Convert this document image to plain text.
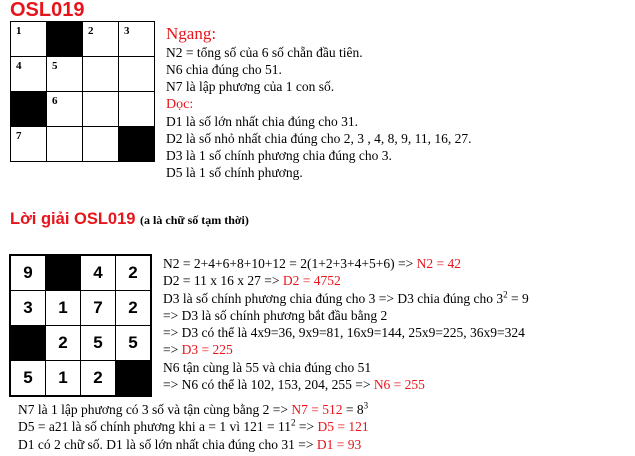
OSL019
1		2	3

4	5		

	6		

7			

Ngang:
N2 = tổng số của 6 số chẵn đầu tiên.
N6 chia đúng cho 51.
N7 là lập phương của 1 con số.
Dọc:
D1 là số lớn nhất chia đúng cho 31.
D2 là số nhỏ nhất chia đúng cho 2, 3 , 4, 8, 9, 11, 16, 27.
D3 là 1 số chính phương chia đúng cho 3.
D5 là 1 số chính phương.
Lời giải OSL019 (a là chữ số tạm thời)
9		4	2
3	1	7	2
	2	5	5
5	1	2	
N2 = 2+4+6+8+10+12 = 2(1+2+3+4+5+6) => N2 = 42
D2 = 11 x 16 x 27 => D2 = 4752
D3 là số chính phương chia đúng cho 3 => D3 chia đúng cho $3^2 = 9$
=> D3 là số chính phương bắt đầu bằng 2
=> D3 có thể là 4x9=36, 9x9=81, 16x9=144, 25x9=225, 36x9=324
=> D3 = 225
N6 tận cùng là 55 và chia đúng cho 51
=> N6 có thể là 102, 153, 204, 255 => N6 = 255
N7 là 1 lập phương có 3 số và tận cùng bằng $2 => N7 = 512 = 8^3$
D5 = a21 là số chính phương khi a = 1 vì $121 = 11^2 => D5 = 121$
D1 có 2 chữ số. D1 là số lớn nhất chia đúng cho 31 => D1 = 93
